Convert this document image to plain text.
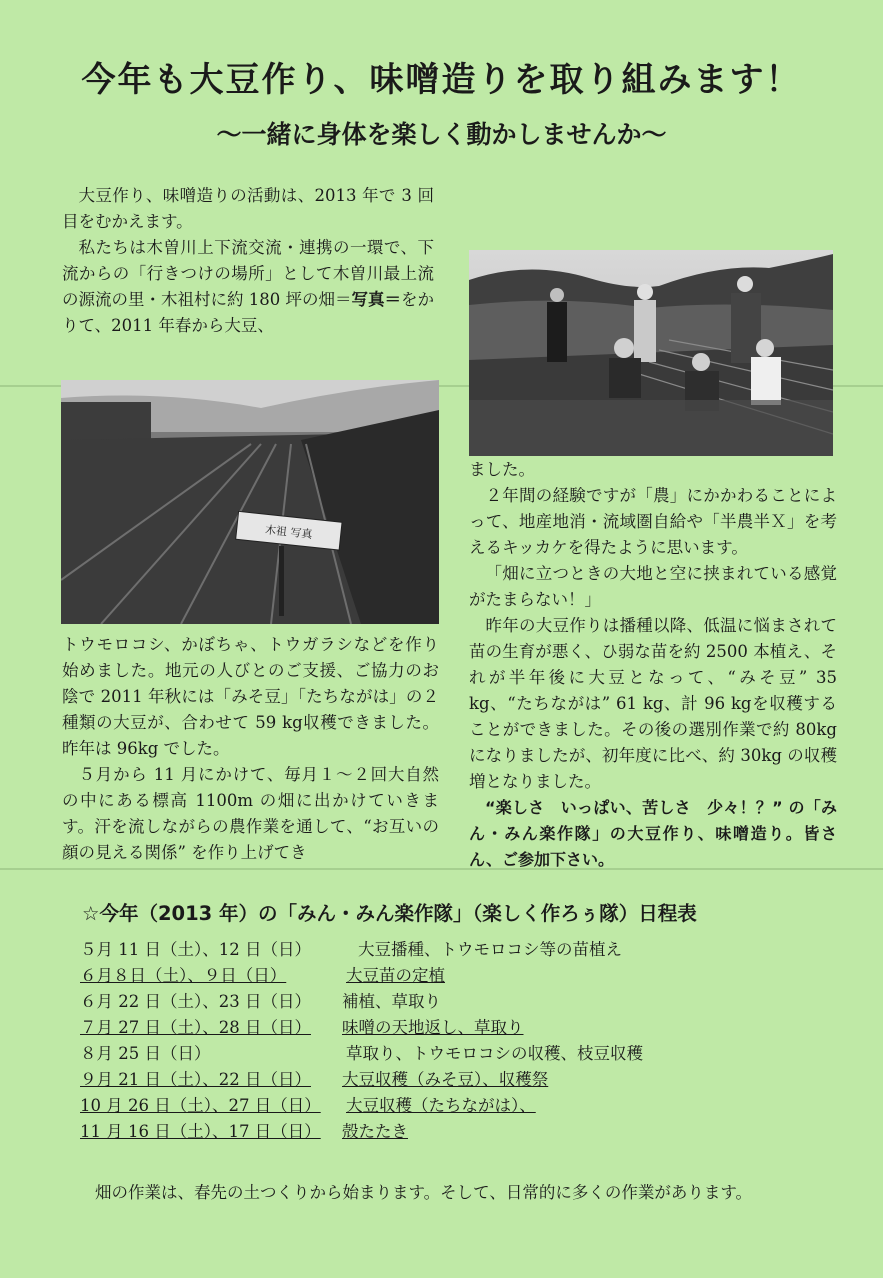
今年も大豆作り、味噌造りを取り組みます！
～一緒に身体を楽しく動かしませんか～

大豆作り、味噌造りの活動は、2013 年で 3 回目をむかえます。

私たちは木曽川上下流交流・連携の一環で、下流からの「行きつけの場所」として木曽川最上流の源流の里・木祖村に約 180 坪の畑＝写真＝をかりて、2011 年春から大豆、

木祖 写真

トウモロコシ、かぼちゃ、トウガラシなどを作り始めました。地元の人びとのご支援、ご協力のお陰で 2011 年秋には「みそ豆」「たちながは」の２種類の大豆が、合わせて 59 kg収穫できました。昨年は 96kg でした。

５月から 11 月にかけて、毎月１～２回大自然の中にある標高 1100m の畑に出かけていきます。汗を流しながらの農作業を通して、“お互いの顔の見える関係” を作り上げてき

ました。

２年間の経験ですが「農」にかかわることによって、地産地消・流域圏自給や「半農半Ｘ」を考えるキッカケを得たように思います。

「畑に立つときの大地と空に挟まれている感覚がたまらない！」

昨年の大豆作りは播種以降、低温に悩まされて苗の生育が悪く、ひ弱な苗を約 2500 本植え、それが半年後に大豆となって、“みそ豆” 35 kg、“たちながは” 61 kg、計 96 kgを収穫することができました。その後の選別作業で約 80kg になりましたが、初年度に比べ、約 30kg の収穫増となりました。

“楽しさ　いっぱい、苦しさ　少々！？” の「みん・みん楽作隊」の大豆作り、味噌造り。皆さん、ご参加下さい。

☆今年（2013 年）の「みん・みん楽作隊」（楽しく作ろぅ隊）日程表
５月 11 日（土）、12 日（日）	大豆播種、トウモロコシ等の苗植え
６月８日（土）、９日（日）	大豆苗の定植
６月 22 日（土）、23 日（日） 補植、草取り
７月 27 日（土）、28 日（日） 味噌の天地返し、草取り
８月 25 日（日）	草取り、トウモロコシの収穫、枝豆収穫
９月 21 日（土）、22 日（日） 大豆収穫（みそ豆）、収穫祭
10 月 26 日（土）、27 日（日） 大豆収穫（たちながは）、
11 月 16 日（土）、17 日（日） 殻たたき
畑の作業は、春先の土つくりから始まります。そして、日常的に多くの作業があります。
